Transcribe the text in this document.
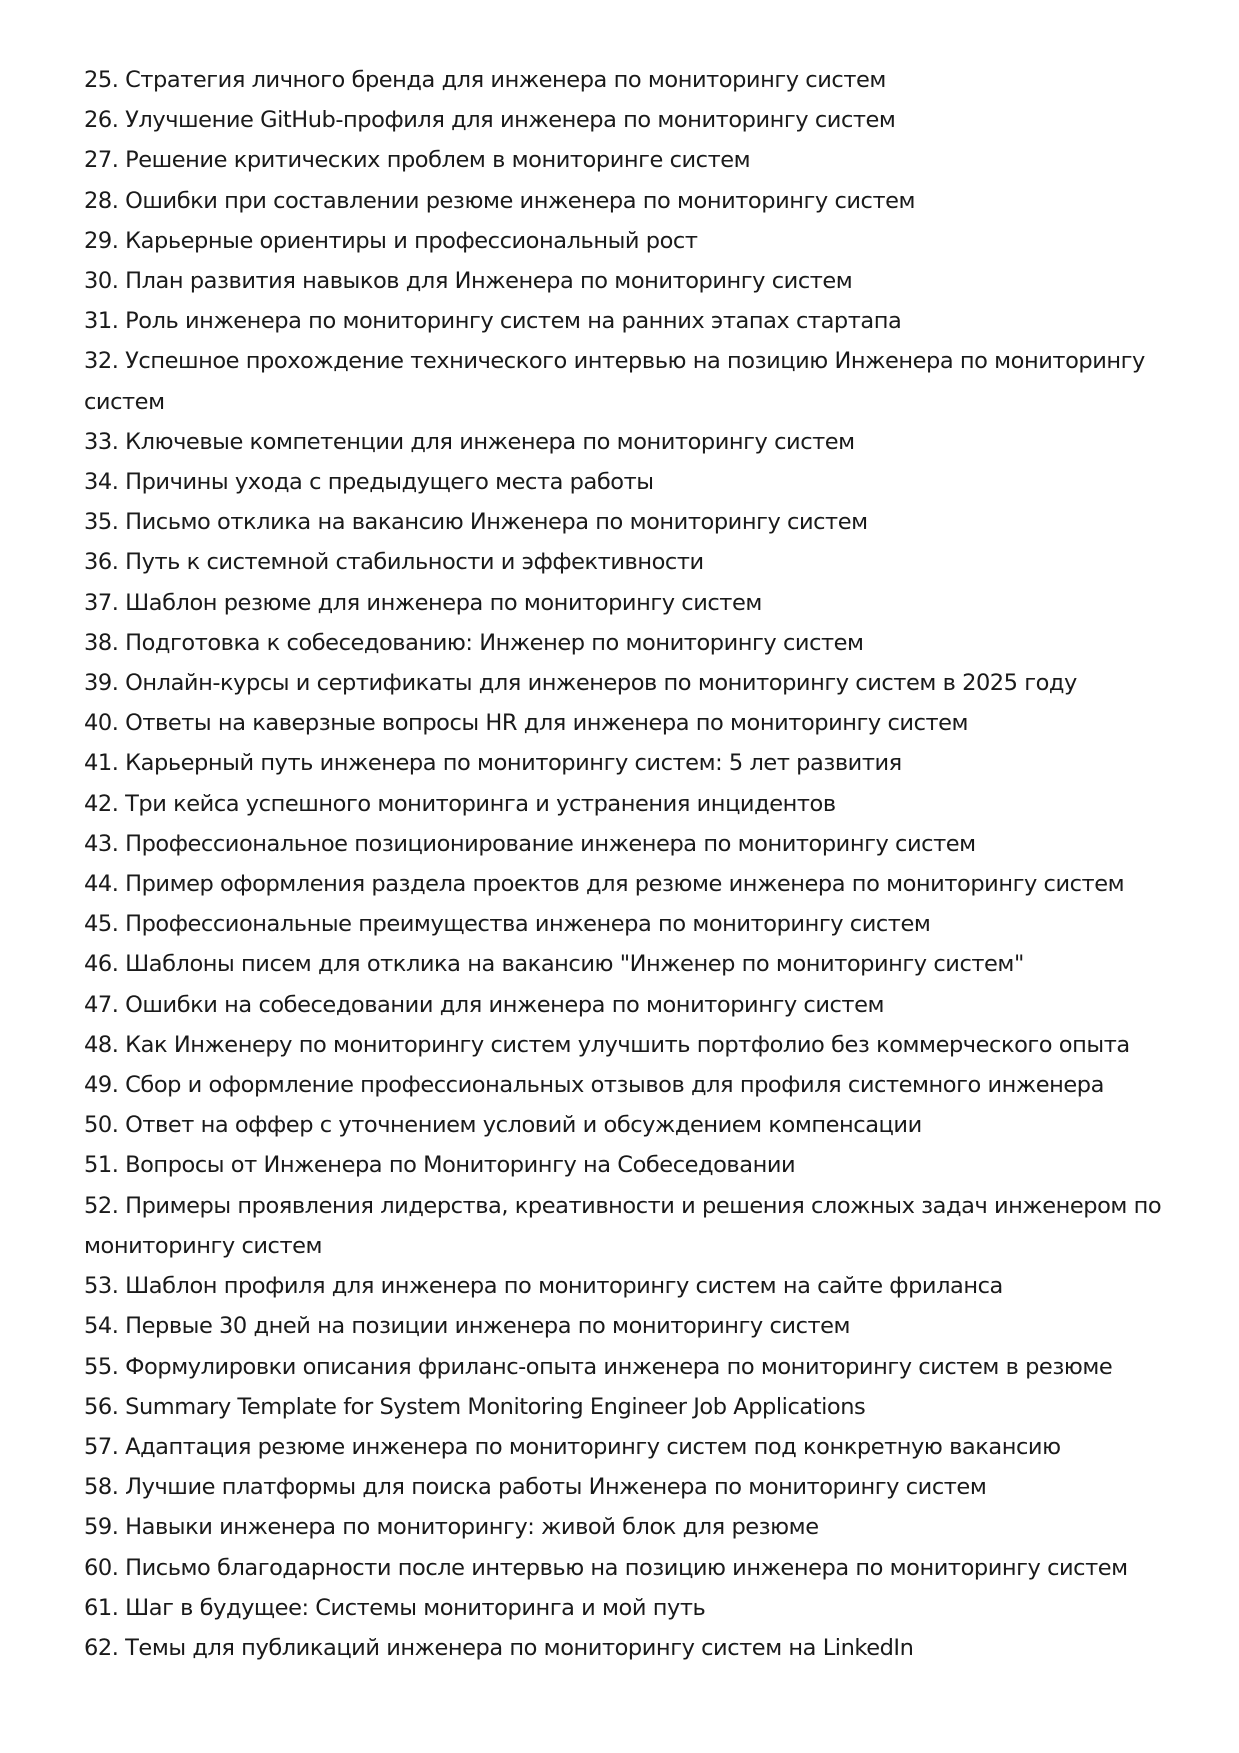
25. Стратегия личного бренда для инженера по мониторингу систем

26. Улучшение GitHub-профиля для инженера по мониторингу систем

27. Решение критических проблем в мониторинге систем

28. Ошибки при составлении резюме инженера по мониторингу систем

29. Карьерные ориентиры и профессиональный рост

30. План развития навыков для Инженера по мониторингу систем

31. Роль инженера по мониторингу систем на ранних этапах стартапа

32. Успешное прохождение технического интервью на позицию Инженера по мониторингу систем

33. Ключевые компетенции для инженера по мониторингу систем

34. Причины ухода с предыдущего места работы

35. Письмо отклика на вакансию Инженера по мониторингу систем

36. Путь к системной стабильности и эффективности

37. Шаблон резюме для инженера по мониторингу систем

38. Подготовка к собеседованию: Инженер по мониторингу систем

39. Онлайн-курсы и сертификаты для инженеров по мониторингу систем в 2025 году

40. Ответы на каверзные вопросы HR для инженера по мониторингу систем

41. Карьерный путь инженера по мониторингу систем: 5 лет развития

42. Три кейса успешного мониторинга и устранения инцидентов

43. Профессиональное позиционирование инженера по мониторингу систем

44. Пример оформления раздела проектов для резюме инженера по мониторингу систем

45. Профессиональные преимущества инженера по мониторингу систем

46. Шаблоны писем для отклика на вакансию "Инженер по мониторингу систем"

47. Ошибки на собеседовании для инженера по мониторингу систем

48. Как Инженеру по мониторингу систем улучшить портфолио без коммерческого опыта

49. Сбор и оформление профессиональных отзывов для профиля системного инженера

50. Ответ на оффер с уточнением условий и обсуждением компенсации

51. Вопросы от Инженера по Мониторингу на Собеседовании

52. Примеры проявления лидерства, креативности и решения сложных задач инженером по мониторингу систем

53. Шаблон профиля для инженера по мониторингу систем на сайте фриланса

54. Первые 30 дней на позиции инженера по мониторингу систем

55. Формулировки описания фриланс-опыта инженера по мониторингу систем в резюме

56. Summary Template for System Monitoring Engineer Job Applications

57. Адаптация резюме инженера по мониторингу систем под конкретную вакансию

58. Лучшие платформы для поиска работы Инженера по мониторингу систем

59. Навыки инженера по мониторингу: живой блок для резюме

60. Письмо благодарности после интервью на позицию инженера по мониторингу систем

61. Шаг в будущее: Системы мониторинга и мой путь

62. Темы для публикаций инженера по мониторингу систем на LinkedIn
